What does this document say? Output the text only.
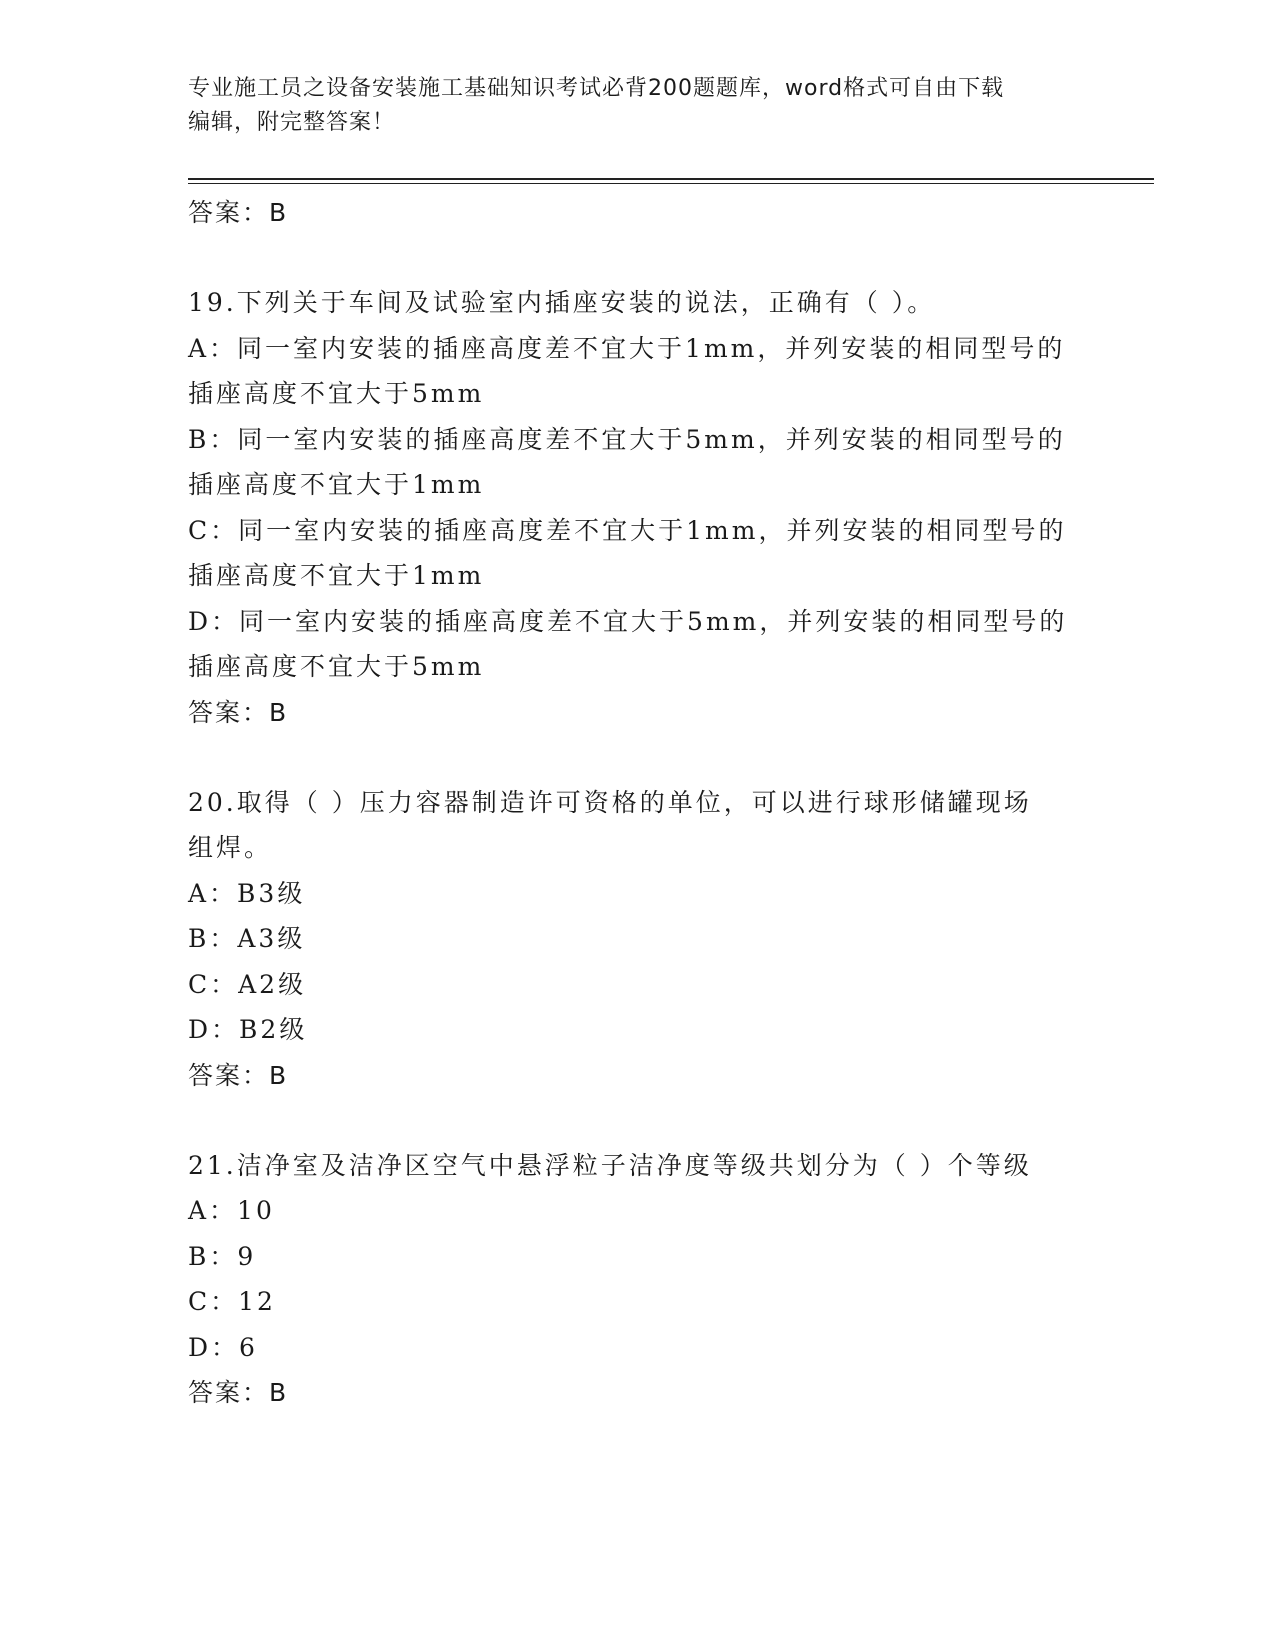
专业施工员之设备安装施工基础知识考试必背200题题库，word格式可自由下载
编辑，附完整答案！
答案：B
19.下列关于车间及试验室内插座安装的说法，正确有（ ）。
A：同一室内安装的插座高度差不宜大于1mm，并列安装的相同型号的
插座高度不宜大于5mm
B：同一室内安装的插座高度差不宜大于5mm，并列安装的相同型号的
插座高度不宜大于1mm
C：同一室内安装的插座高度差不宜大于1mm，并列安装的相同型号的
插座高度不宜大于1mm
D：同一室内安装的插座高度差不宜大于5mm，并列安装的相同型号的
插座高度不宜大于5mm
答案：B
20.取得（ ）压力容器制造许可资格的单位，可以进行球形储罐现场
组焊。
A：B3级
B：A3级
C：A2级
D：B2级
答案：B
21.洁净室及洁净区空气中悬浮粒子洁净度等级共划分为（ ）个等级
A：10
B：9
C：12
D：6
答案：B
